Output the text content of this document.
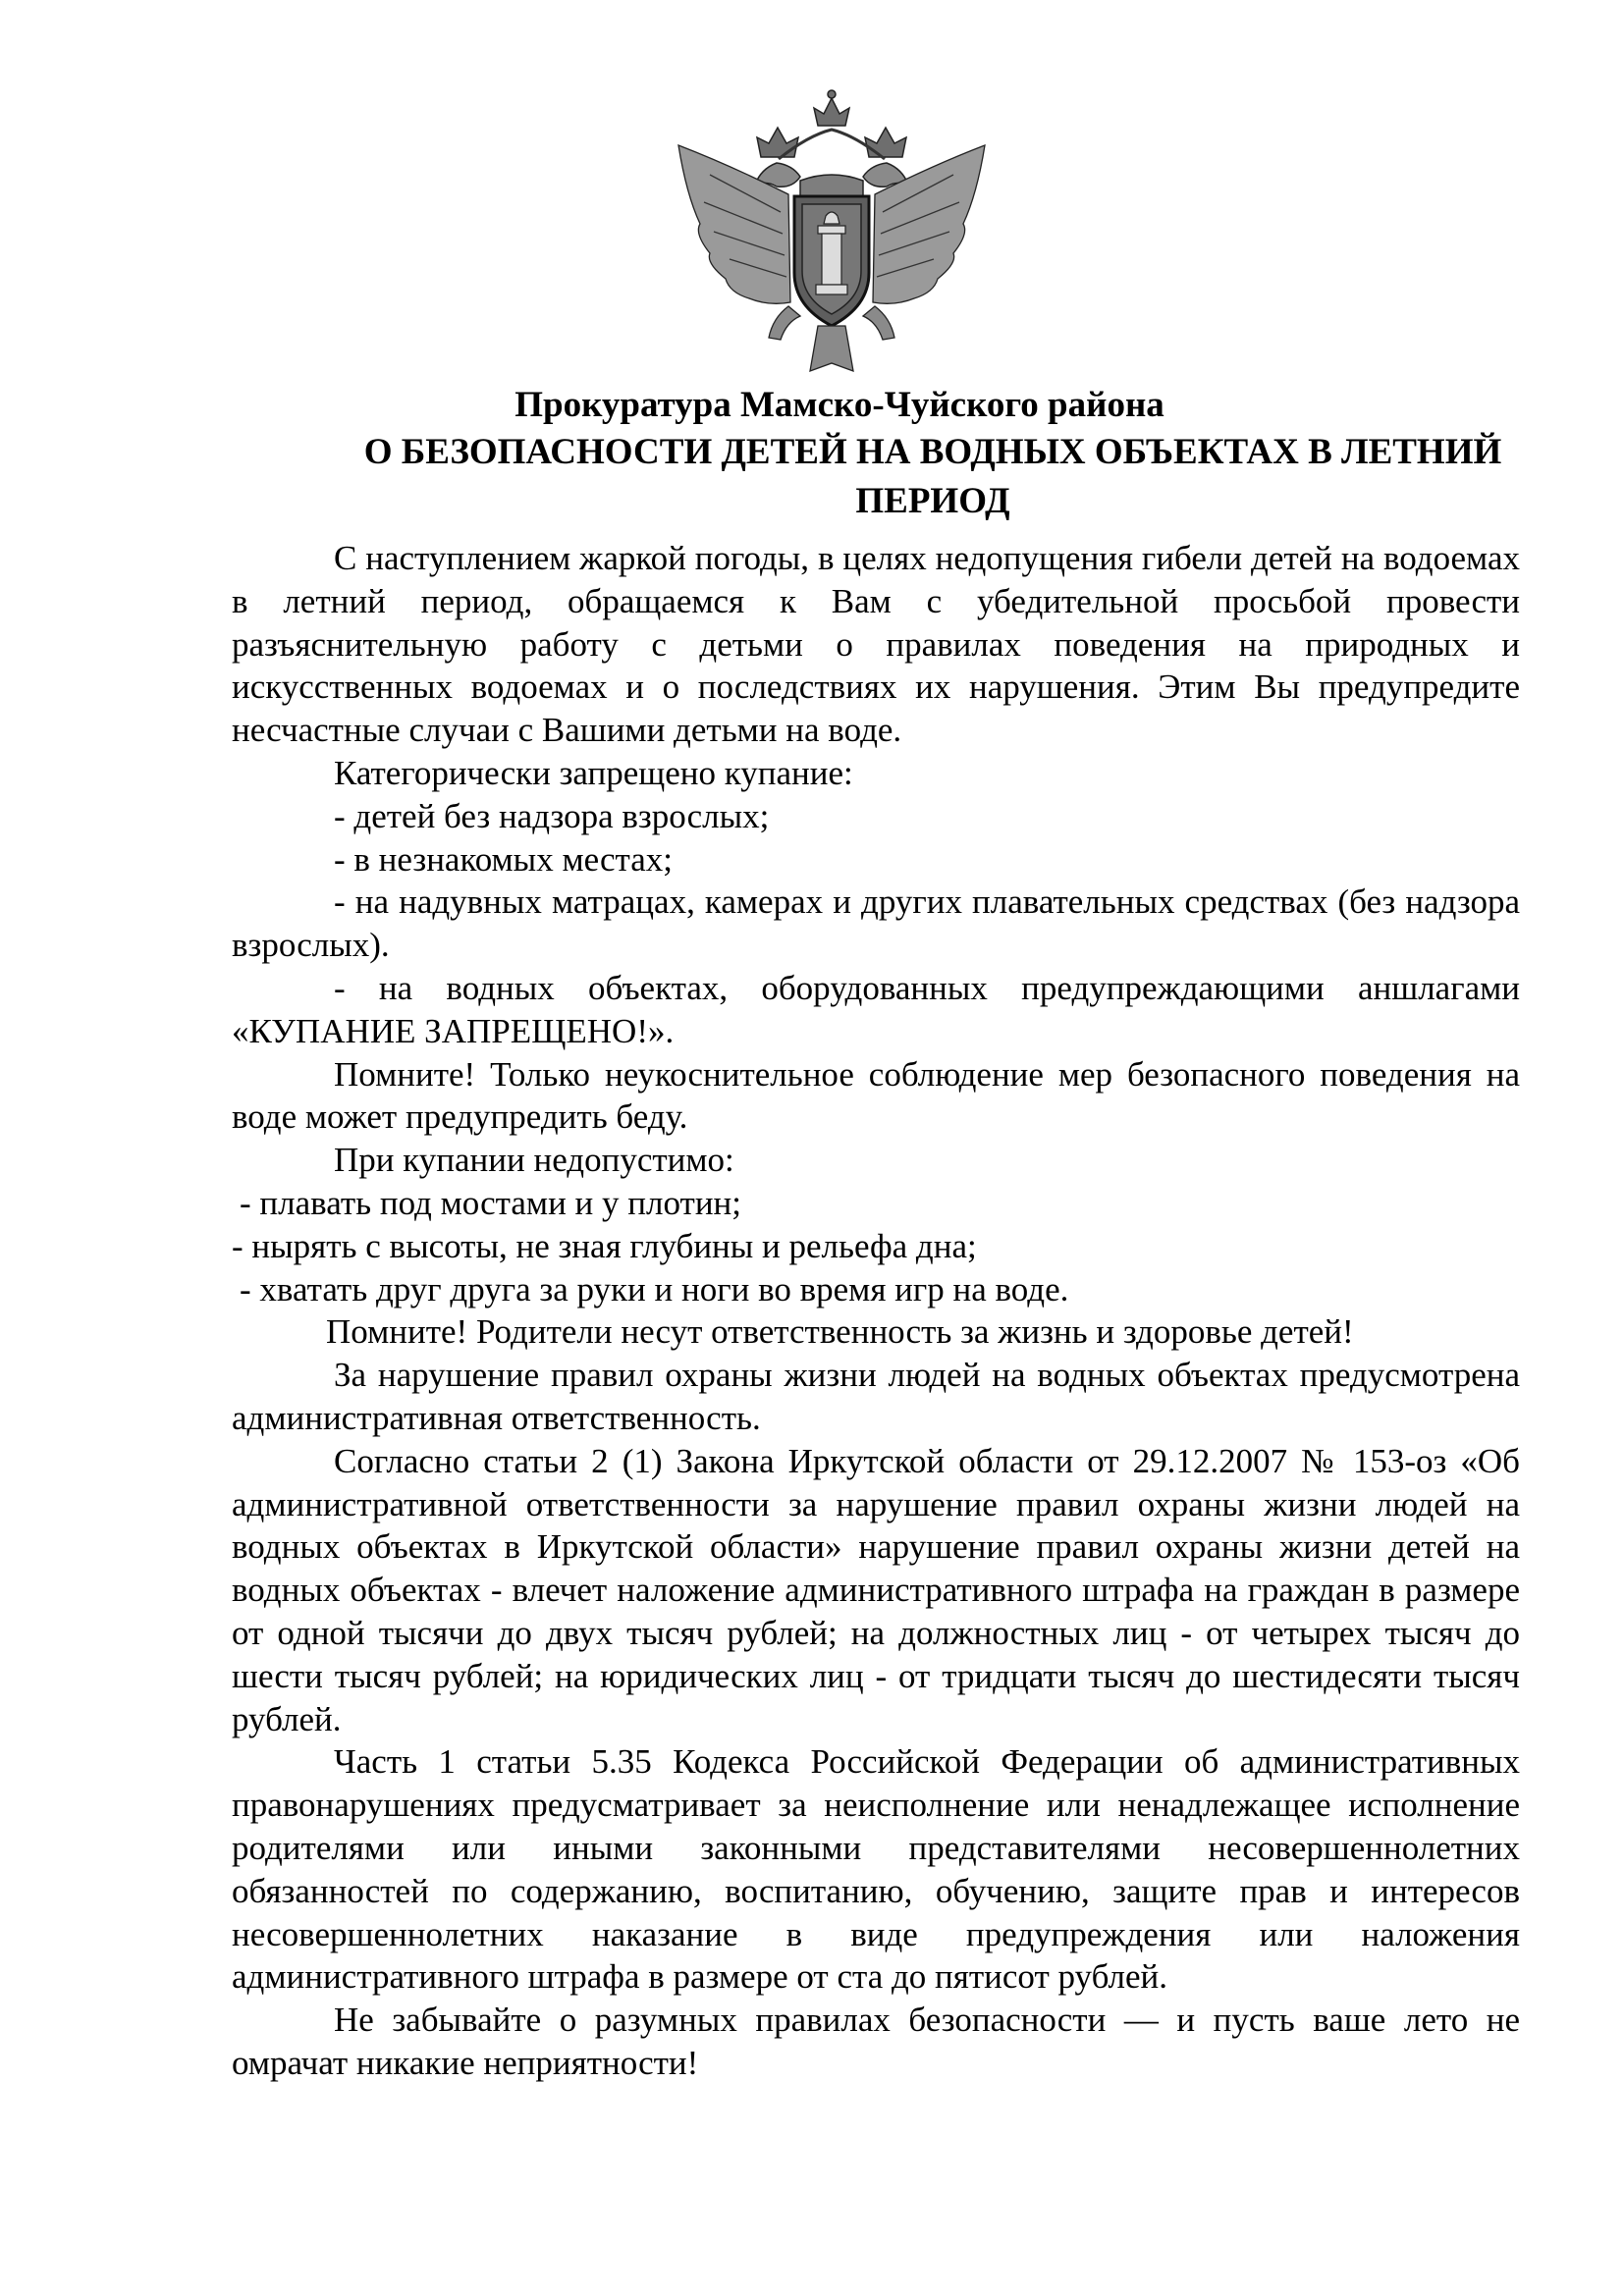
Прокуратура Мамско-Чуйского района

О БЕЗОПАСНОСТИ ДЕТЕЙ НА ВОДНЫХ ОБЪЕКТАХ В ЛЕТНИЙ ПЕРИОД

С наступлением жаркой погоды, в целях недопущения гибели детей на водоемах в летний период, обращаемся к Вам с убедительной просьбой провести разъяснительную работу с детьми о правилах поведения на природных и искусственных водоемах и о последствиях их нарушения. Этим Вы предупредите несчастные случаи с Вашими детьми на воде.

Категорически запрещено купание:

- детей без надзора взрослых;

- в незнакомых местах;

- на надувных матрацах, камерах и других плавательных средствах (без надзора взрослых).

- на водных объектах, оборудованных предупреждающими аншлагами «КУПАНИЕ ЗАПРЕЩЕНО!».

Помните! Только неукоснительное соблюдение мер безопасного поведения на воде может предупредить беду.

При купании недопустимо:

- плавать под мостами и у плотин;

- нырять с высоты, не зная глубины и рельефа дна;

- хватать друг друга за руки и ноги во время игр на воде.

Помните! Родители несут ответственность за жизнь и здоровье детей!

За нарушение правил охраны жизни людей на водных объектах предусмотрена административная ответственность.

Согласно статьи 2 (1) Закона Иркутской области от 29.12.2007 № 153-оз «Об административной ответственности за нарушение правил охраны жизни людей на водных объектах в Иркутской области» нарушение правил охраны жизни детей на водных объектах - влечет наложение административного штрафа на граждан в размере от одной тысячи до двух тысяч рублей; на должностных лиц - от четырех тысяч до шести тысяч рублей; на юридических лиц - от тридцати тысяч до шестидесяти тысяч рублей.

Часть 1 статьи 5.35 Кодекса Российской Федерации об административных правонарушениях предусматривает за неисполнение или ненадлежащее исполнение родителями или иными законными представителями несовершеннолетних обязанностей по содержанию, воспитанию, обучению, защите прав и интересов несовершеннолетних наказание в виде предупреждения или наложения административного штрафа в размере от ста до пятисот рублей.

Не забывайте о разумных правилах безопасности — и пусть ваше лето не омрачат никакие неприятности!
